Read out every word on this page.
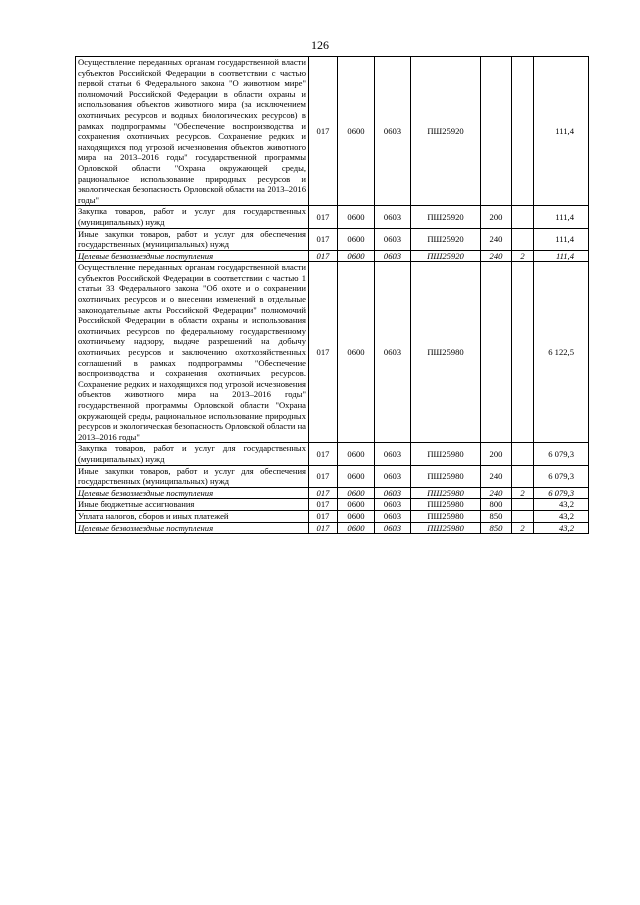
126
Осуществление переданных органам государственной власти субъектов Российской Федерации в соответствии с частью первой статьи 6 Федерального закона "О животном мире" полномочий Российской Федерации в области охраны и использования объектов животного мира (за исключением охотничьих ресурсов и водных биологических ресурсов) в рамках подпрограммы "Обеспечение воспроизводства и сохранения охотничьих ресурсов. Сохранение редких и находящихся под угрозой исчезновения объектов животного мира на 2013–2016 годы" государственной программы Орловской области "Охрана окружающей среды, рациональное использование природных ресурсов и экологическая безопасность Орловской области на 2013–2016 годы"	017	0600	0603	ПШ25920			111,4
Закупка товаров, работ и услуг для государственных (муниципальных) нужд	017	0600	0603	ПШ25920	200		111,4
Иные закупки товаров, работ и услуг для обеспечения государственных (муниципальных) нужд	017	0600	0603	ПШ25920	240		111,4
Целевые безвозмездные поступления	017	0600	0603	ПШ25920	240	2	111,4
Осуществление переданных органам государственной власти субъектов Российской Федерации в соответствии с частью 1 статьи 33 Федерального закона "Об охоте и о сохранении охотничьих ресурсов и о внесении изменений в отдельные законодательные акты Российской Федерации" полномочий Российской Федерации в области охраны и использования охотничьих ресурсов по федеральному государственному охотничьему надзору, выдаче разрешений на добычу охотничьих ресурсов и заключению охотхозяйственных соглашений в рамках подпрограммы "Обеспечение воспроизводства и сохранения охотничьих ресурсов. Сохранение редких и находящихся под угрозой исчезновения объектов животного мира на 2013–2016 годы" государственной программы Орловской области "Охрана окружающей среды, рациональное использование природных ресурсов и экологическая безопасность Орловской области на 2013–2016 годы"	017	0600	0603	ПШ25980			6 122,5
Закупка товаров, работ и услуг для государственных (муниципальных) нужд	017	0600	0603	ПШ25980	200		6 079,3
Иные закупки товаров, работ и услуг для обеспечения государственных (муниципальных) нужд	017	0600	0603	ПШ25980	240		6 079,3
Целевые безвозмездные поступления	017	0600	0603	ПШ25980	240	2	6 079,3
Иные бюджетные ассигнования	017	0600	0603	ПШ25980	800		43,2
Уплата налогов, сборов и иных платежей	017	0600	0603	ПШ25980	850		43,2
Целевые безвозмездные поступления	017	0600	0603	ПШ25980	850	2	43,2
